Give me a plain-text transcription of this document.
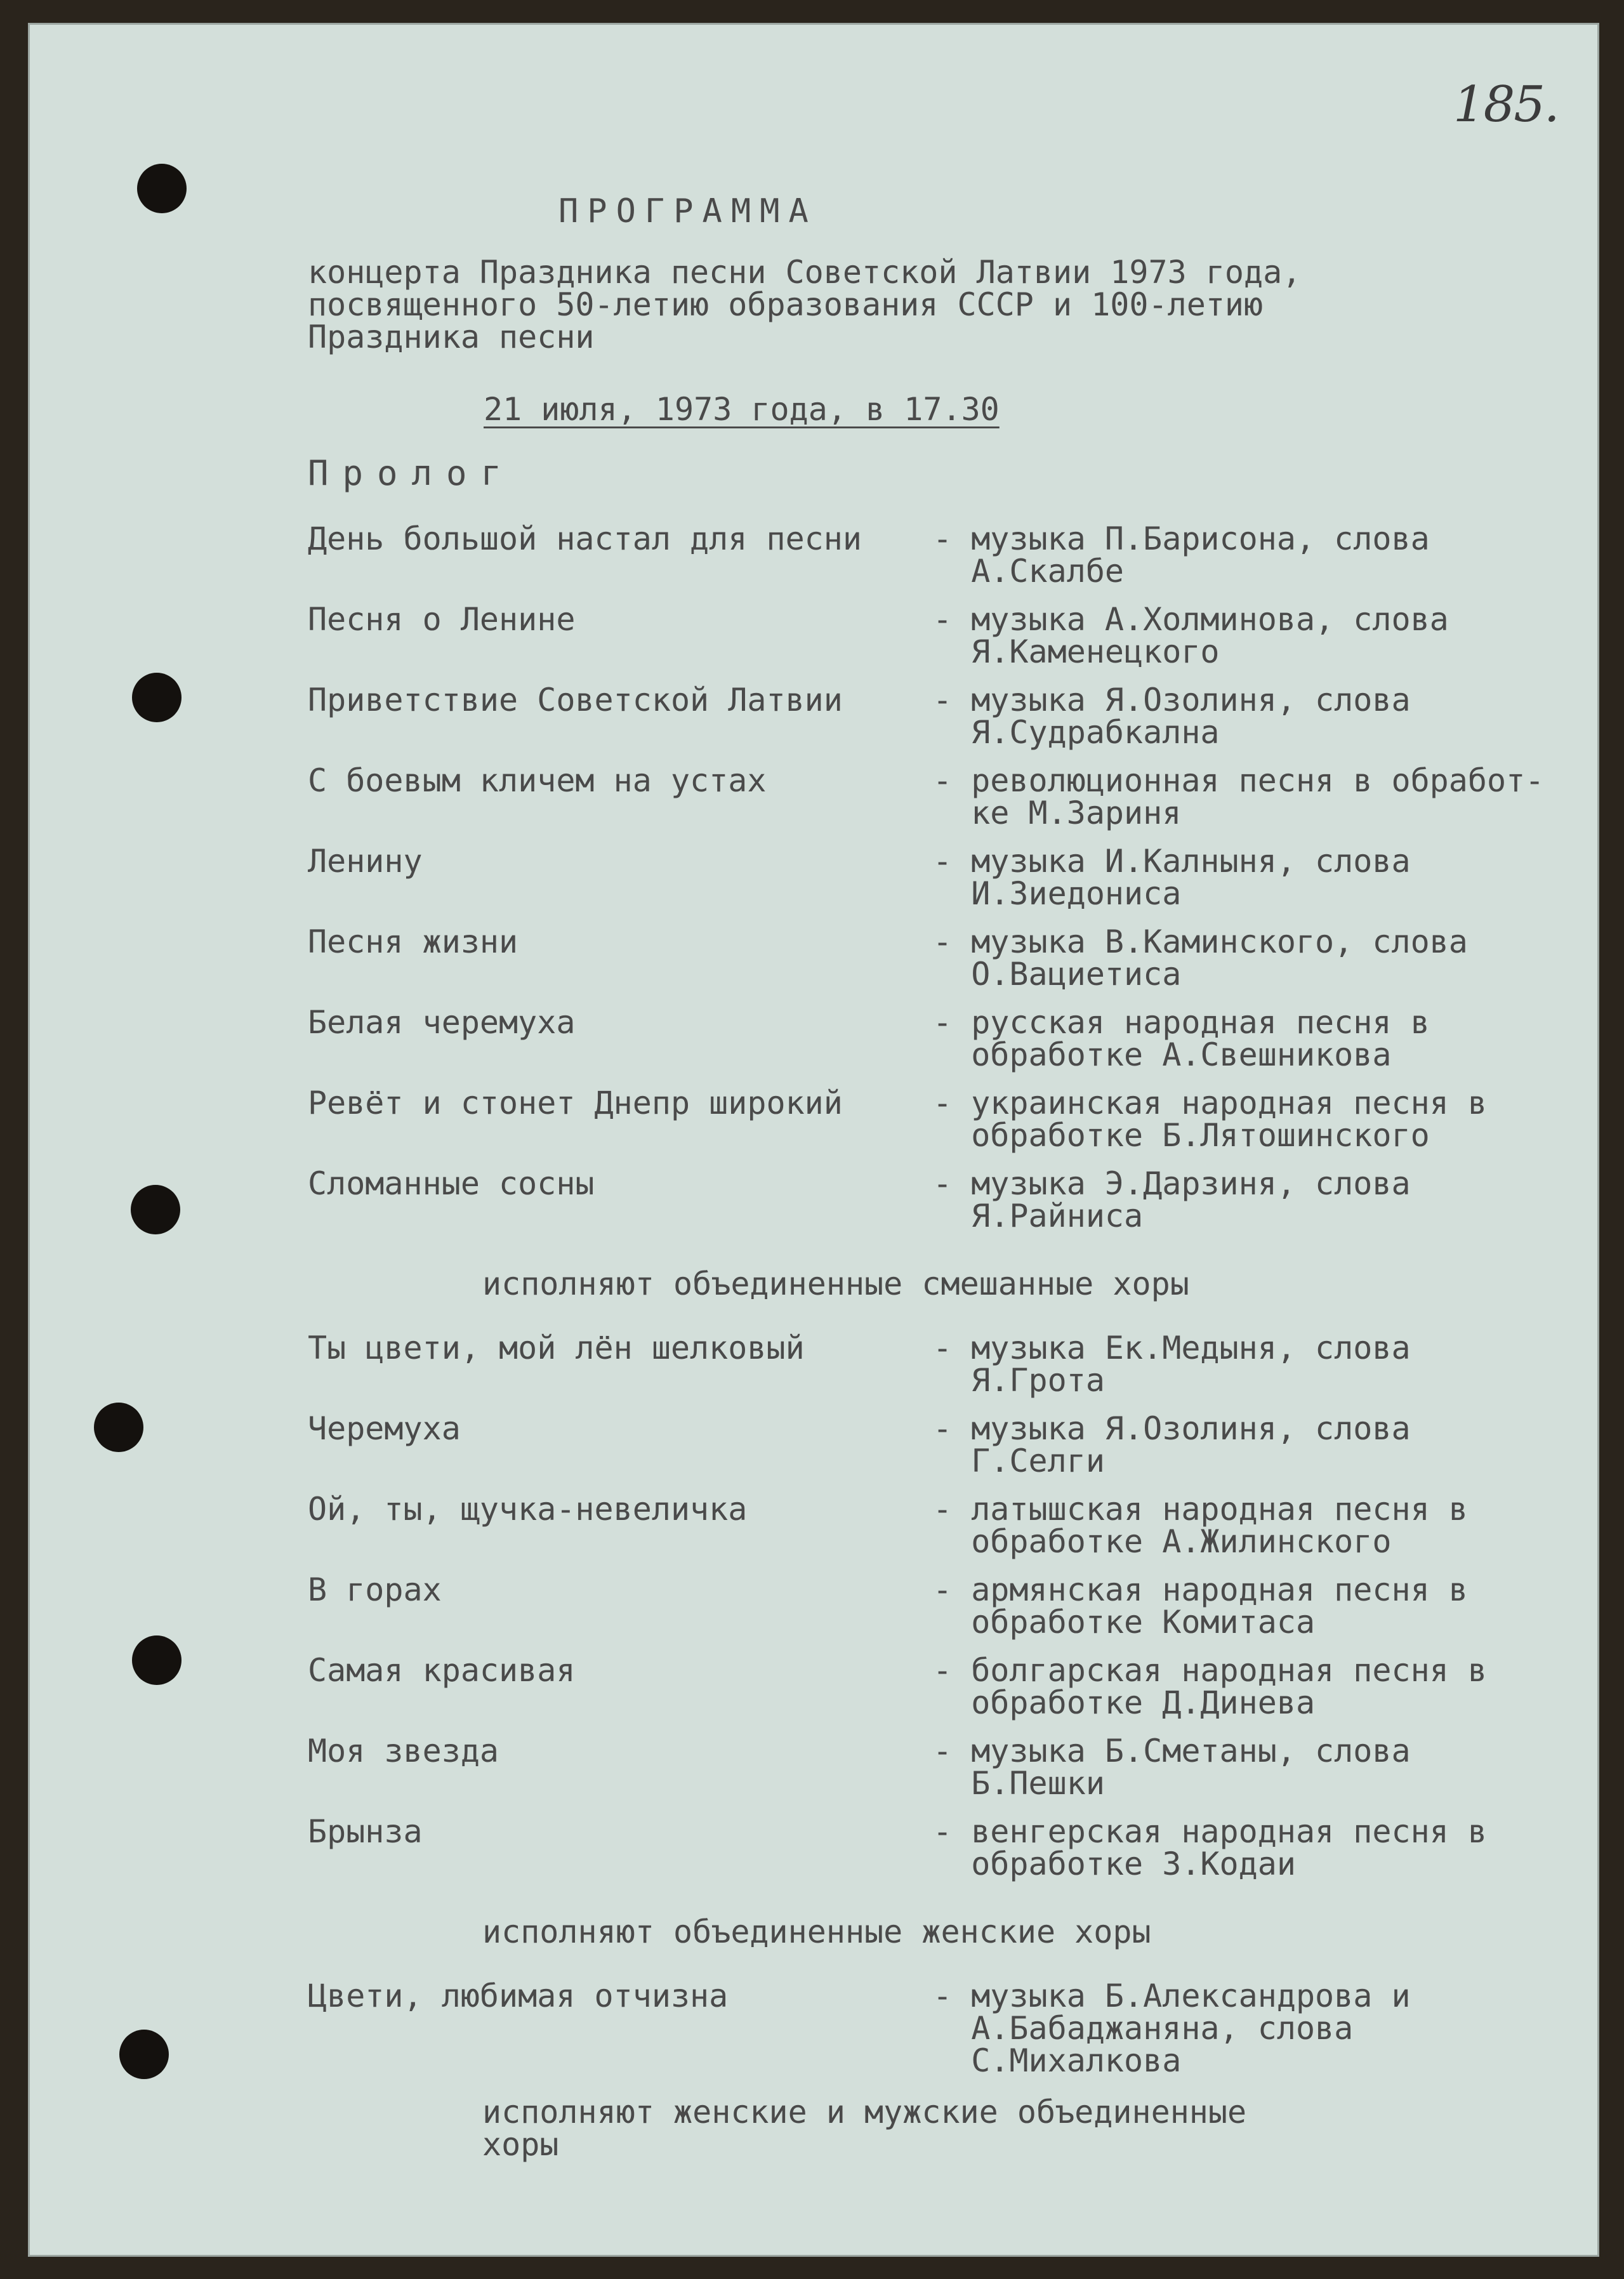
185.

ПРОГРАММА

концерта Праздника песни Советской Латвии 1973 года,
посвященного 50-летию образования СССР и 100-летию
Праздника песни

21 июля, 1973 года, в 17.30

Пролог

День большой настал для песни - музыка П.Барисона, слова
А.Скалбе

Песня о Ленине	- музыка А.Холминова, слова
Я.Каменецкого

Приветствие Советской Латвии	- музыка Я.Озолиня, слова
Я.Судрабкална

С боевым кличем на устах	- революционная песня в обработ-
ке М.Зариня

Ленину	- музыка И.Калныня, слова
И.Зиедониса

Песня жизни	- музыка В.Каминского, слова
О.Вациетиса

Белая черемуха	- русская народная песня в
обработке А.Свешникова

Ревёт и стонет Днепр широкий	- украинская народная песня в
обработке Б.Лятошинского

Сломанные сосны	- музыка Э.Дарзиня, слова
Я.Райниса

исполняют объединенные смешанные хоры

Ты цвети, мой лён шелковый	- музыка Ек.Медыня, слова
Я.Грота

Черемуха	- музыка Я.Озолиня, слова
Г.Селги

Ой, ты, щучка-невеличка	- латышская народная песня в
обработке А.Жилинского

В горах	- армянская народная песня в
обработке Комитаса

Самая красивая	- болгарская народная песня в
обработке Д.Динева

Моя звезда	- музыка Б.Сметаны, слова
Б.Пешки

Брынза	- венгерская народная песня в
обработке З.Кодаи

исполняют объединенные женские хоры

Цвети, любимая отчизна	- музыка Б.Александрова и
А.Бабаджаняна, слова
С.Михалкова

исполняют женские и мужские объединенные
хоры
